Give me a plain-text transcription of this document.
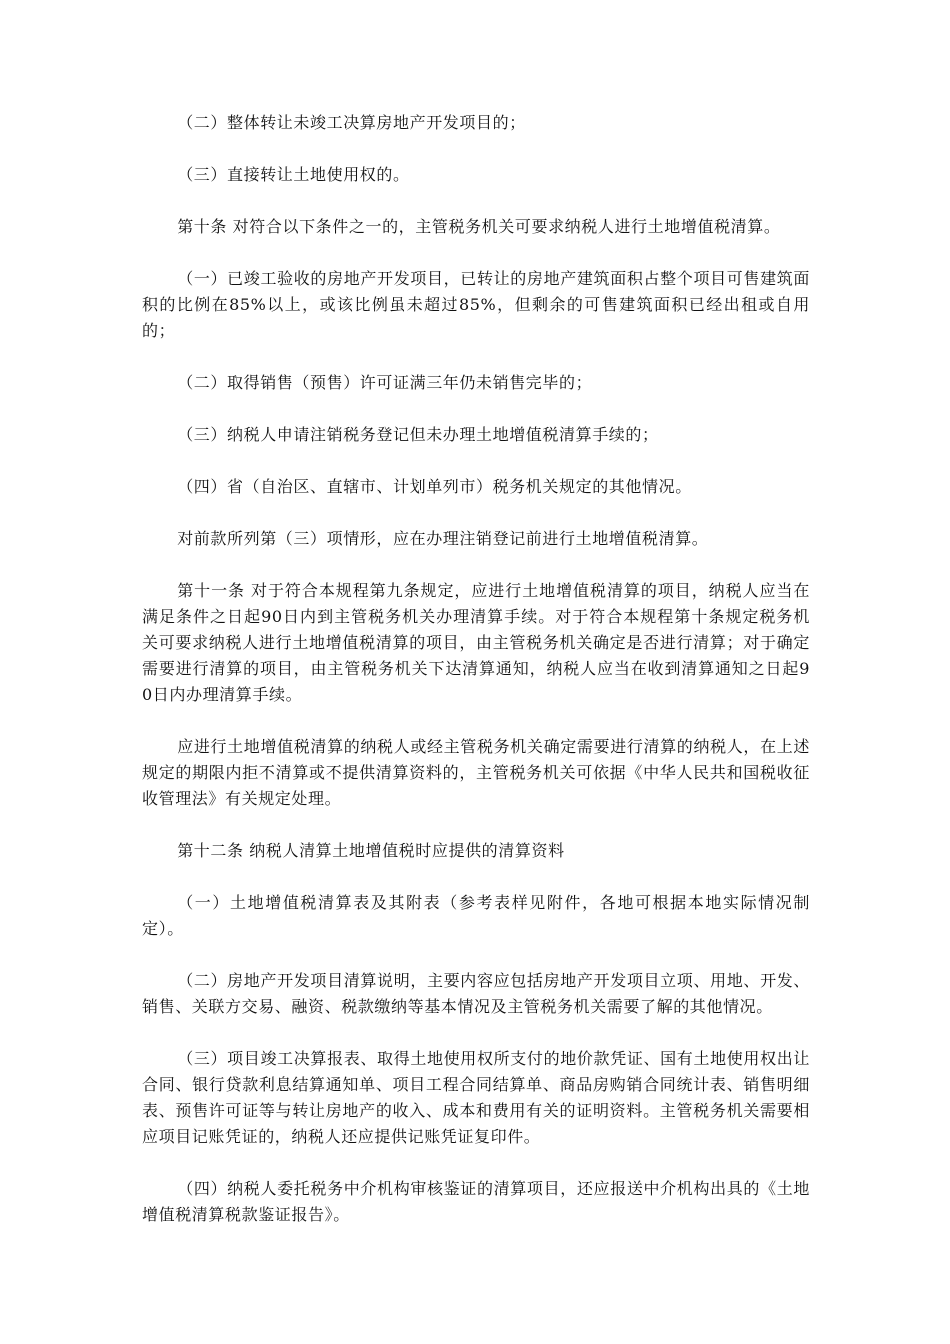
（二）整体转让未竣工决算房地产开发项目的；

（三）直接转让土地使用权的。

第十条 对符合以下条件之一的，主管税务机关可要求纳税人进行土地增值税清算。

（一）已竣工验收的房地产开发项目，已转让的房地产建筑面积占整个项目可售建筑面积的比例在85%以上，或该比例虽未超过85%，但剩余的可售建筑面积已经出租或自用的；

（二）取得销售（预售）许可证满三年仍未销售完毕的；

（三）纳税人申请注销税务登记但未办理土地增值税清算手续的；

（四）省（自治区、直辖市、计划单列市）税务机关规定的其他情况。

对前款所列第（三）项情形，应在办理注销登记前进行土地增值税清算。

第十一条 对于符合本规程第九条规定，应进行土地增值税清算的项目，纳税人应当在满足条件之日起90日内到主管税务机关办理清算手续。对于符合本规程第十条规定税务机关可要求纳税人进行土地增值税清算的项目，由主管税务机关确定是否进行清算；对于确定需要进行清算的项目，由主管税务机关下达清算通知，纳税人应当在收到清算通知之日起90日内办理清算手续。

应进行土地增值税清算的纳税人或经主管税务机关确定需要进行清算的纳税人，在上述规定的期限内拒不清算或不提供清算资料的，主管税务机关可依据《中华人民共和国税收征收管理法》有关规定处理。

第十二条 纳税人清算土地增值税时应提供的清算资料

（一）土地增值税清算表及其附表（参考表样见附件，各地可根据本地实际情况制定）。

（二）房地产开发项目清算说明，主要内容应包括房地产开发项目立项、用地、开发、销售、关联方交易、融资、税款缴纳等基本情况及主管税务机关需要了解的其他情况。

（三）项目竣工决算报表、取得土地使用权所支付的地价款凭证、国有土地使用权出让合同、银行贷款利息结算通知单、项目工程合同结算单、商品房购销合同统计表、销售明细表、预售许可证等与转让房地产的收入、成本和费用有关的证明资料。主管税务机关需要相应项目记账凭证的，纳税人还应提供记账凭证复印件。

（四）纳税人委托税务中介机构审核鉴证的清算项目，还应报送中介机构出具的《土地增值税清算税款鉴证报告》。
